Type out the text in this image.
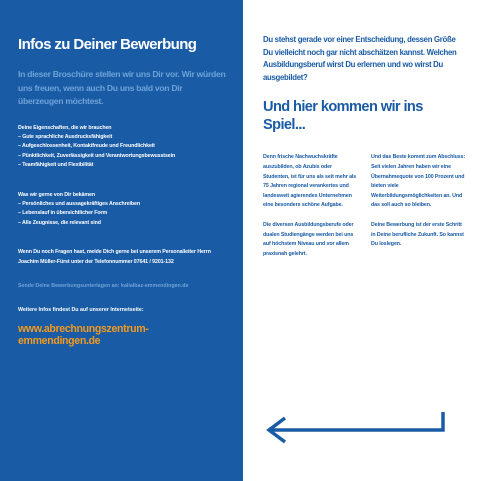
Infos zu Deiner Bewerbung

In dieser Broschüre stellen wir uns Dir vor. Wir würden uns freuen, wenn auch Du uns bald von Dir überzeugen möchtest.

Deine Eigenschaften, die wir brauchen

– Gute sprachliche Ausdrucksfähigkeit
– Aufgeschlossenheit, Kontaktfreude und Freundlichkeit
– Pünktlichkeit, Zuverlässigkeit und Verantwortungsbewusstsein
– Teamfähigkeit und Flexibilität

Was wir gerne von Dir bekämen

– Persönliches und aussagekräftiges Anschreiben
– Lebenslauf in übersichtlicher Form
– Alle Zeugnisse, die relevant sind

Wenn Du noch Fragen hast, melde Dich gerne bei unserem Personalleiter Herrn Joachim Müller-Fürst unter der Telefonnummer 07641 / 9201-132

Sende Deine Bewerbungsunterlagen an: kallalbaz-emmendingen.de

Weitere Infos findest Du auf unserer Internetseite:

www.abrechnungszentrum-emmendingen.de

Du stehst gerade vor einer Entscheidung, dessen Größe Du vielleicht noch gar nicht abschätzen kannst. Welchen Ausbildungsberuf wirst Du erlernen und wo wirst Du ausgebildet?

Und hier kommen wir ins Spiel...

Denn frische Nachwuchskräfte auszubilden, ob Azubis oder Studenten, ist für uns als seit mehr als 75 Jahren regional verankertes und landesweit agierendes Unternehmen eine besonders schöne Aufgabe.

Die diversen Ausbildungsberufe oder dualen Studiengänge werden bei uns auf höchstem Niveau und vor allem praxisnah gelehrt.

Und das Beste kommt zum Abschluss: Seit vielen Jahren haben wir eine Übernahmequote von 100 Prozent und bieten viele Weiterbildungsmöglichkeiten an. Und das soll auch so bleiben.

Deine Bewerbung ist der erste Schritt in Deine berufliche Zukunft. So kannst Du loslegen.
